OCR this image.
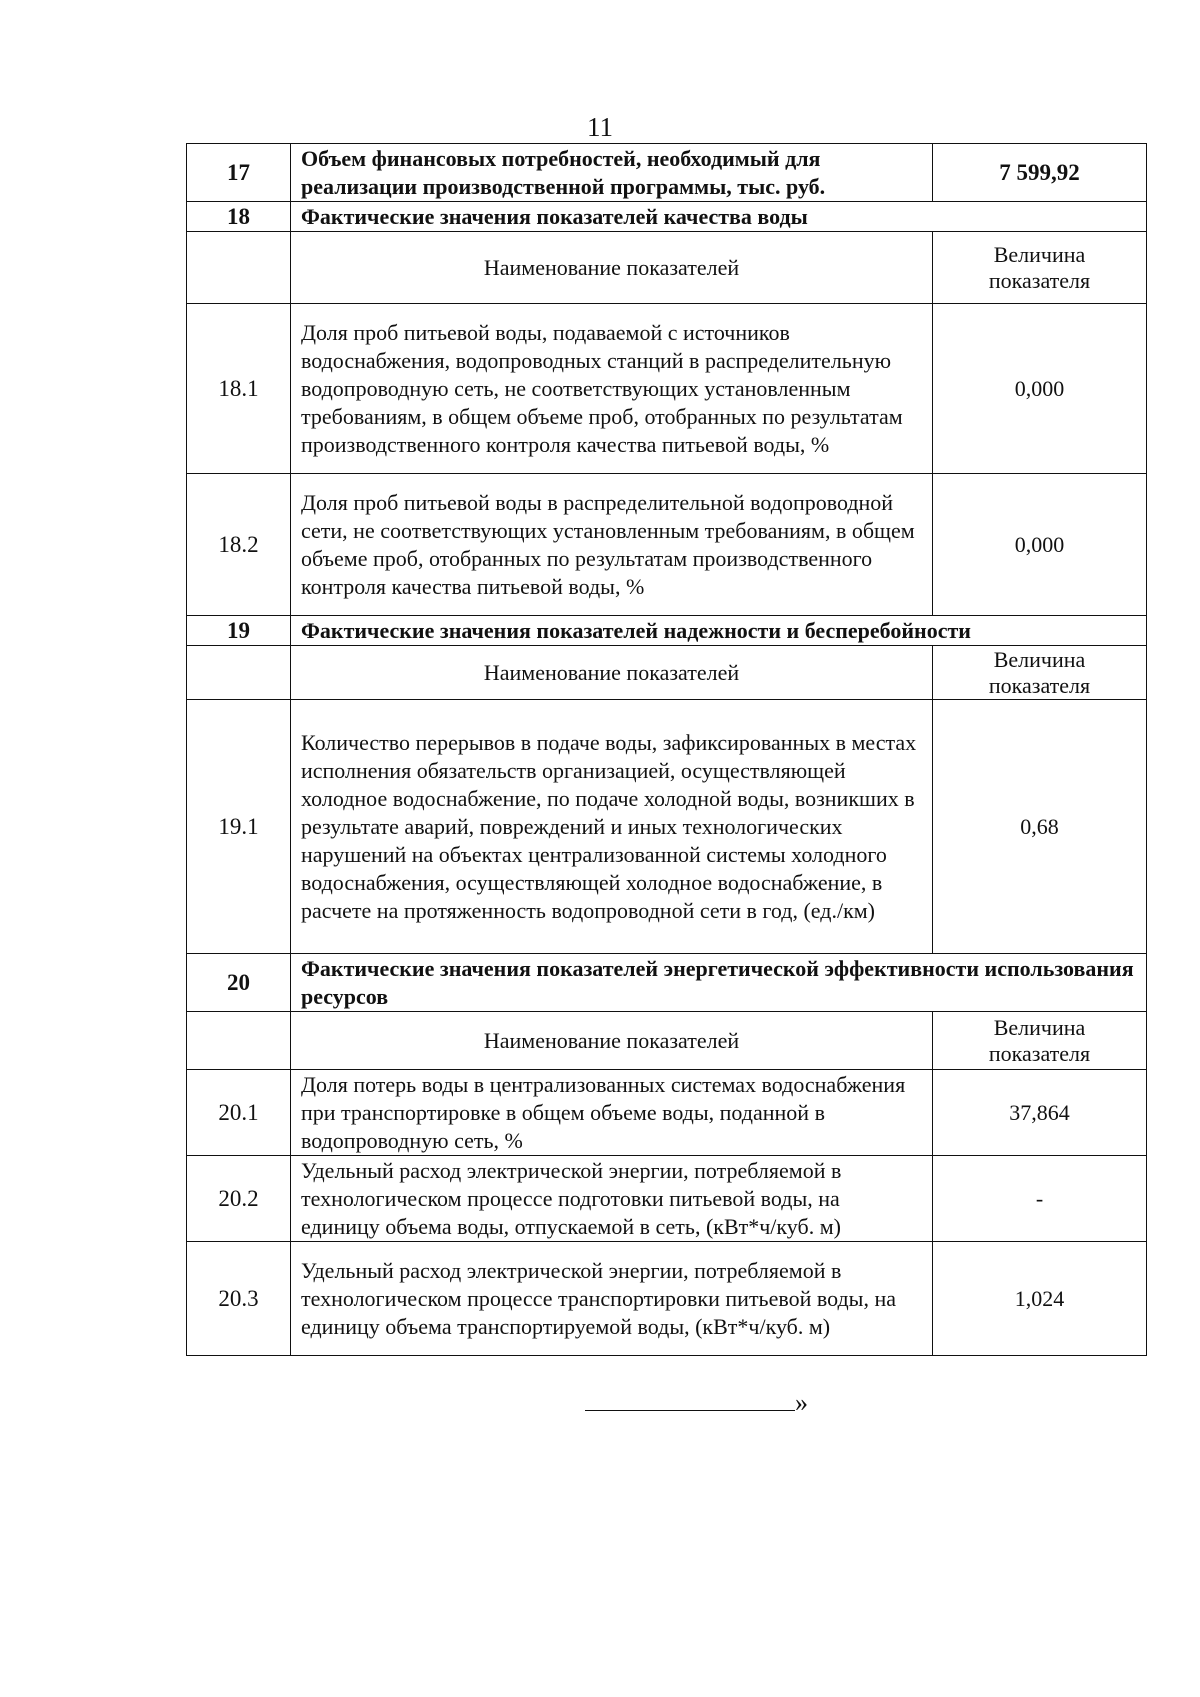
11
17	Объем финансовых потребностей, необходимый для реализации производственной программы, тыс. руб.	7 599,92
18	Фактические значения показателей качества воды	
	Наименование показателей	Величина показателя
18.1	Доля проб питьевой воды, подаваемой с источников водоснабжения, водопроводных станций в распределительную водопроводную сеть, не соответствующих установленным требованиям, в общем объеме проб, отобранных по результатам производственного контроля качества питьевой воды, %	0,000
18.2	Доля проб питьевой воды в распределительной водопроводной сети, не соответствующих установленным требованиям, в общем объеме проб, отобранных по результатам производственного контроля качества питьевой воды, %	0,000
19	Фактические значения показателей надежности и бесперебойности	
	Наименование показателей	Величина показателя
19.1	Количество перерывов в подаче воды, зафиксированных в местах исполнения обязательств организацией, осуществляющей холодное водоснабжение, по подаче холодной воды, возникших в результате аварий, повреждений и иных технологических нарушений на объектах централизованной системы холодного водоснабжения, осуществляющей холодное водоснабжение, в расчете на протяженность водопроводной сети в год, (ед./км)	0,68
20	Фактические значения показателей энергетической эффективности использования ресурсов	
	Наименование показателей	Величина показателя
20.1	Доля потерь воды в централизованных системах водоснабжения при транспортировке в общем объеме воды, поданной в водопроводную сеть, %	37,864
20.2	Удельный расход электрической энергии, потребляемой в технологическом процессе подготовки питьевой воды, на единицу объема воды, отпускаемой в сеть, (кВт*ч/куб. м)	-
20.3	Удельный расход электрической энергии, потребляемой в технологическом процессе транспортировки питьевой воды, на единицу объема транспортируемой воды, (кВт*ч/куб. м)	1,024
»
